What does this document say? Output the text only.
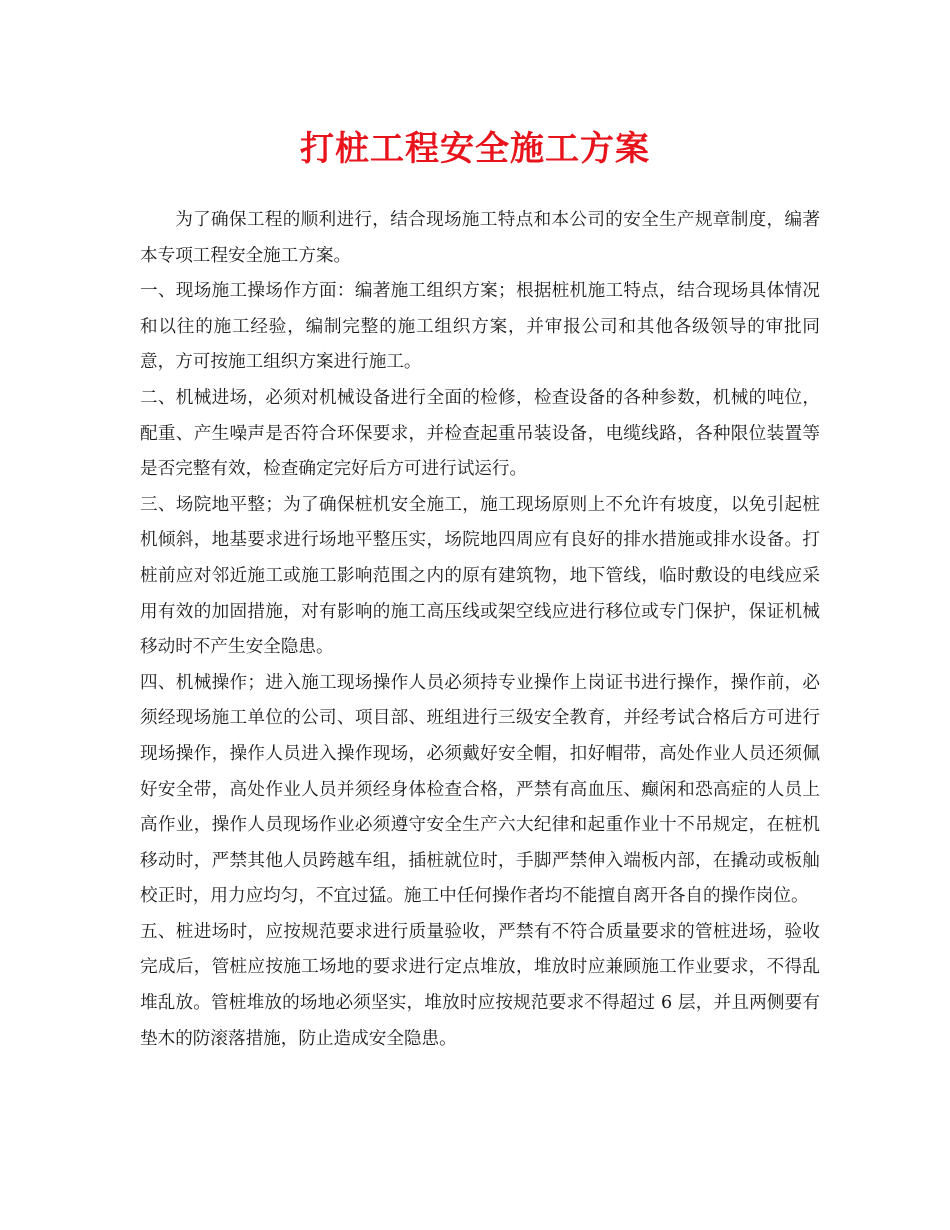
打桩工程安全施工方案

为了确保工程的顺利进行，结合现场施工特点和本公司的安全生产规章制度，编著本专项工程安全施工方案。

一、现场施工操场作方面：编著施工组织方案；根据桩机施工特点，结合现场具体情况和以往的施工经验，编制完整的施工组织方案，并审报公司和其他各级领导的审批同意，方可按施工组织方案进行施工。

二、机械进场，必须对机械设备进行全面的检修，检查设备的各种参数，机械的吨位，配重、产生噪声是否符合环保要求，并检查起重吊装设备，电缆线路，各种限位装置等是否完整有效，检查确定完好后方可进行试运行。

三、场院地平整；为了确保桩机安全施工，施工现场原则上不允许有坡度，以免引起桩机倾斜，地基要求进行场地平整压实，场院地四周应有良好的排水措施或排水设备。打桩前应对邻近施工或施工影响范围之内的原有建筑物，地下管线，临时敷设的电线应采用有效的加固措施，对有影响的施工高压线或架空线应进行移位或专门保护，保证机械移动时不产生安全隐患。

四、机械操作；进入施工现场操作人员必须持专业操作上岗证书进行操作，操作前，必须经现场施工单位的公司、项目部、班组进行三级安全教育，并经考试合格后方可进行现场操作，操作人员进入操作现场，必须戴好安全帽，扣好帽带，高处作业人员还须佩好安全带，高处作业人员并须经身体检查合格，严禁有高血压、癫闲和恐高症的人员上高作业，操作人员现场作业必须遵守安全生产六大纪律和起重作业十不吊规定，在桩机移动时，严禁其他人员跨越车组，插桩就位时，手脚严禁伸入端板内部，在撬动或板舢校正时，用力应均匀，不宜过猛。施工中任何操作者均不能擅自离开各自的操作岗位。

五、桩进场时，应按规范要求进行质量验收，严禁有不符合质量要求的管桩进场，验收完成后，管桩应按施工场地的要求进行定点堆放，堆放时应兼顾施工作业要求，不得乱堆乱放。管桩堆放的场地必须坚实，堆放时应按规范要求不得超过 6 层，并且两侧要有垫木的防滚落措施，防止造成安全隐患。
